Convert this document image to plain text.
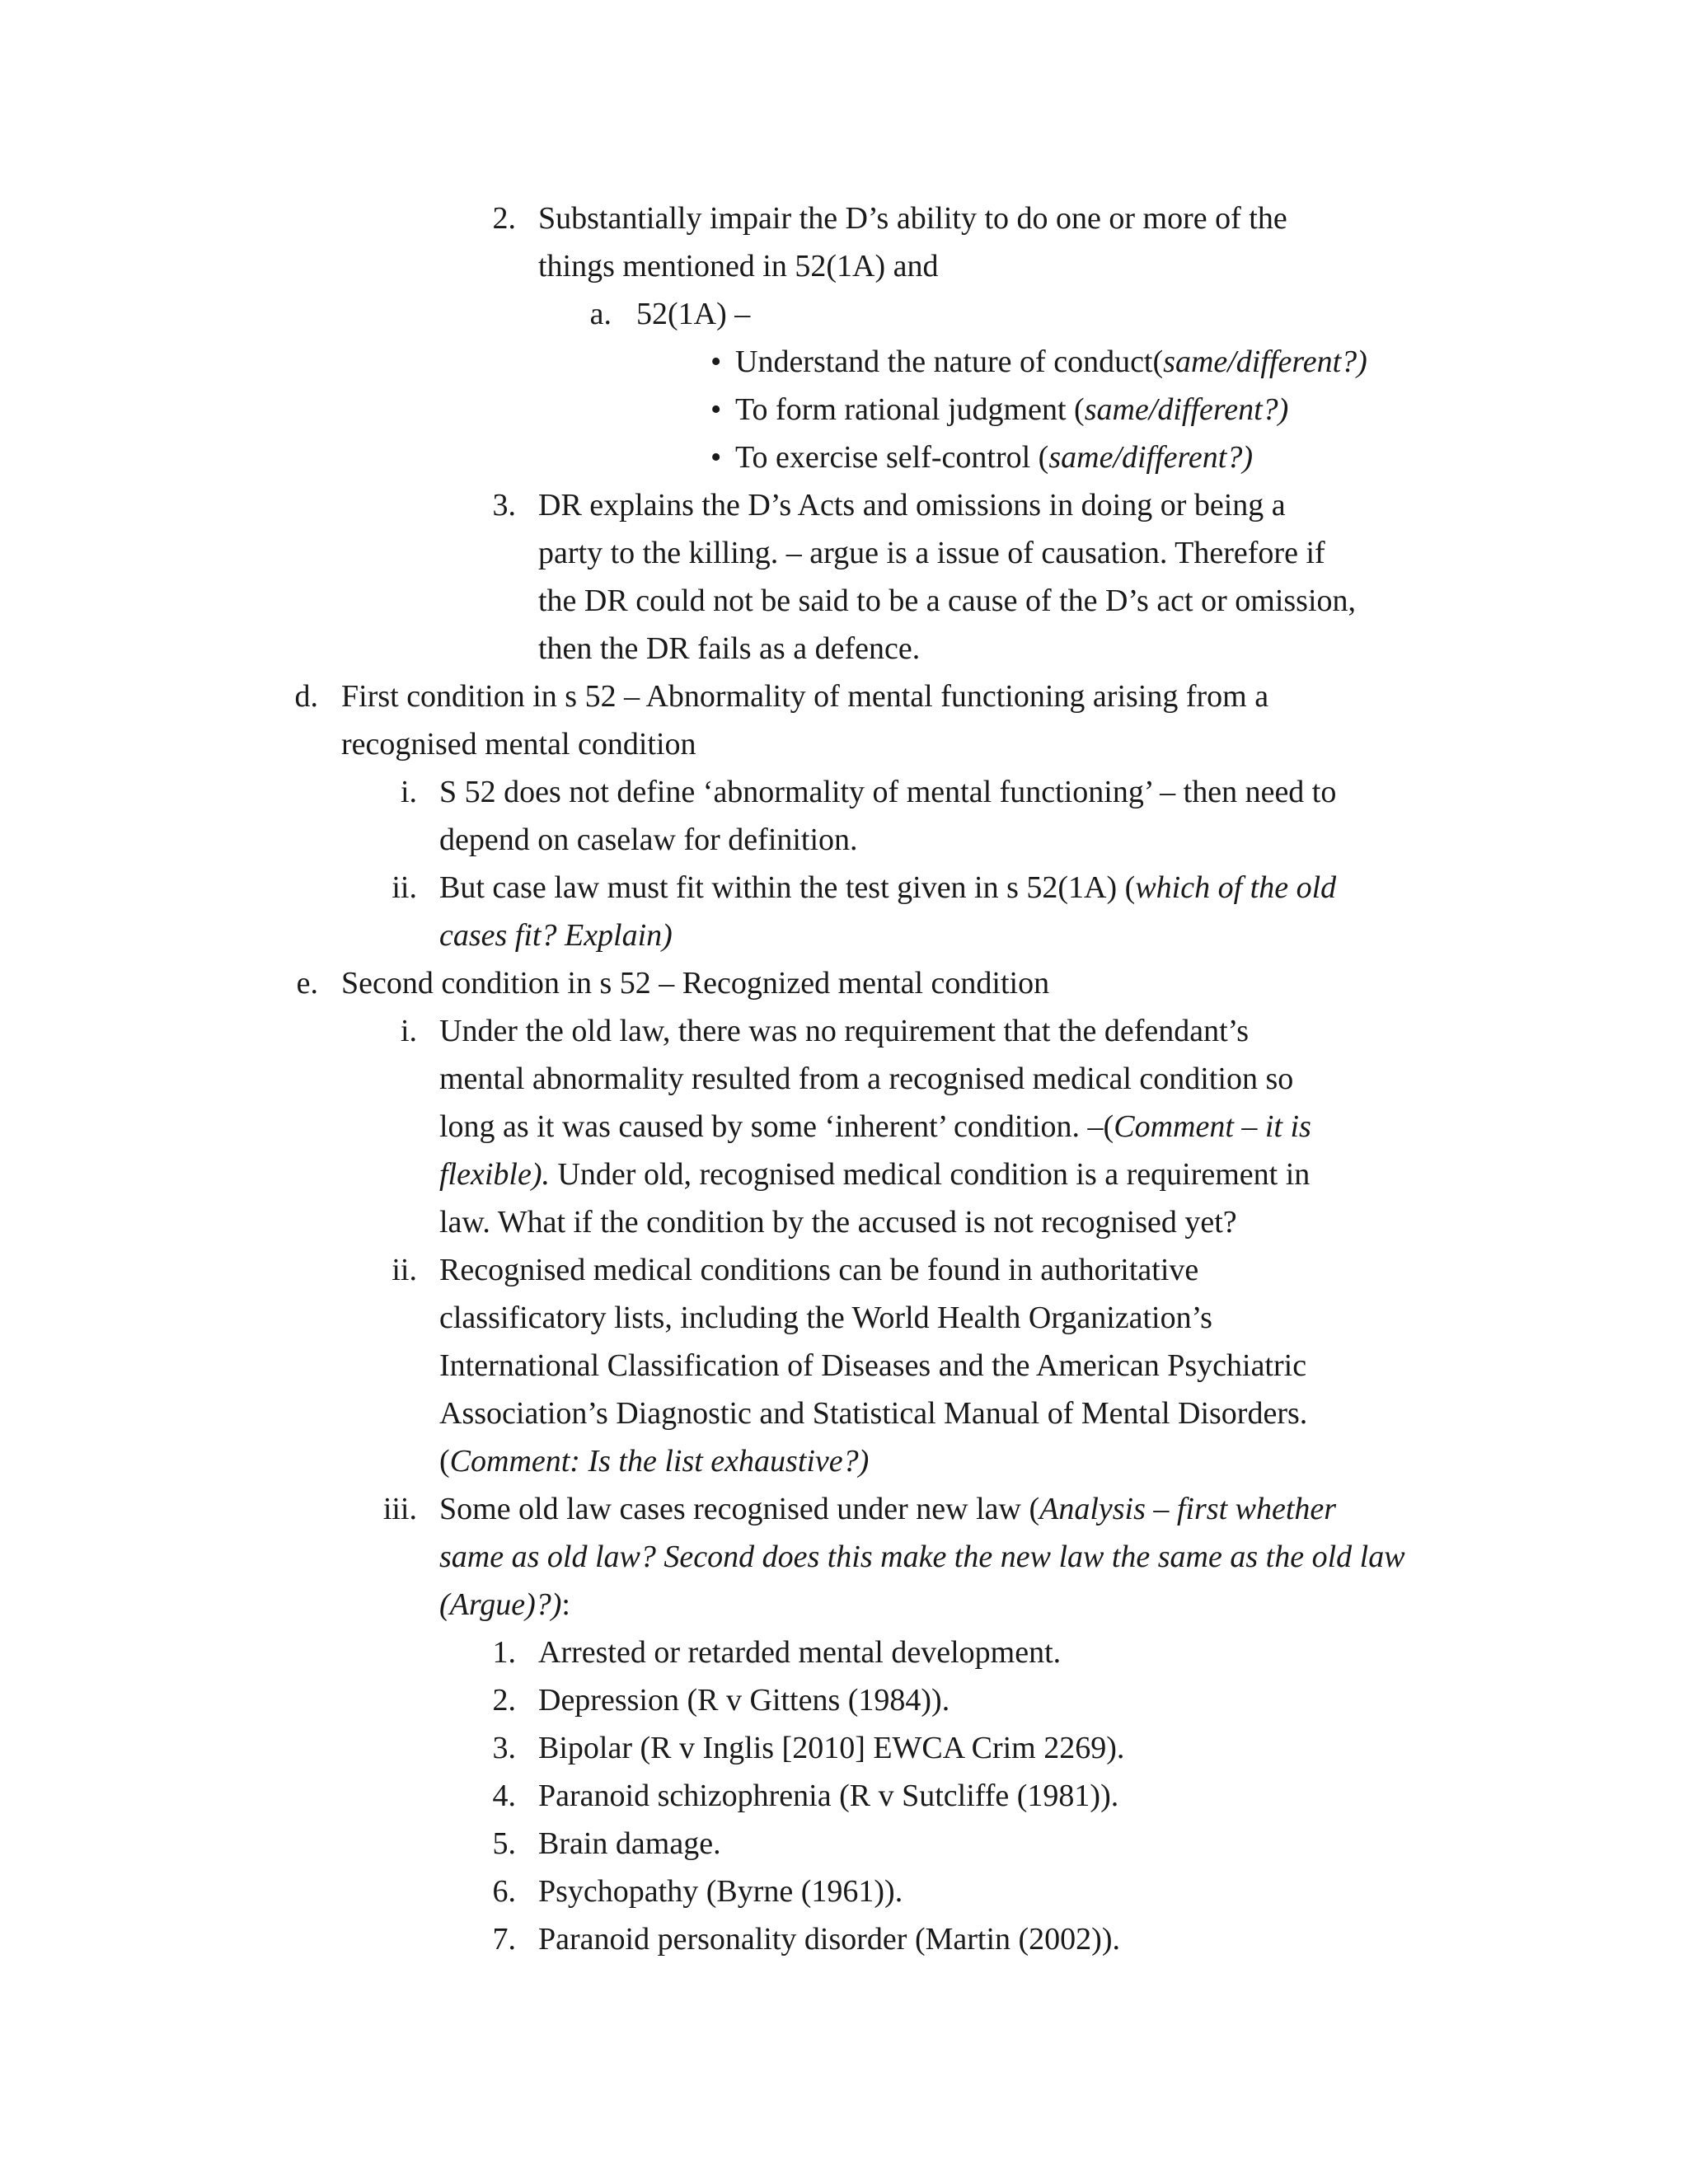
2. Substantially impair the D’s ability to do one or more of the
things mentioned in 52(1A) and
a. 52(1A) –
• Understand the nature of conduct(same/different?)
• To form rational judgment (same/different?)
• To exercise self-control (same/different?)
3. DR explains the D’s Acts and omissions in doing or being a
party to the killing. – argue is a issue of causation. Therefore if
the DR could not be said to be a cause of the D’s act or omission,
then the DR fails as a defence.
d. First condition in s 52 – Abnormality of mental functioning arising from a
recognised mental condition
i. S 52 does not define ‘abnormality of mental functioning’ – then need to
depend on caselaw for definition.
ii. But case law must fit within the test given in s 52(1A) (which of the old
cases fit? Explain)
e. Second condition in s 52 – Recognized mental condition
i. Under the old law, there was no requirement that the defendant’s
mental abnormality resulted from a recognised medical condition so
long as it was caused by some ‘inherent’ condition. –(Comment – it is
flexible). Under old, recognised medical condition is a requirement in
law. What if the condition by the accused is not recognised yet?
ii. Recognised medical conditions can be found in authoritative
classificatory lists, including the World Health Organization’s
International Classification of Diseases and the American Psychiatric
Association’s Diagnostic and Statistical Manual of Mental Disorders.
(Comment: Is the list exhaustive?)
iii. Some old law cases recognised under new law (Analysis – first whether
same as old law? Second does this make the new law the same as the old law
(Argue)?):
1. Arrested or retarded mental development.
2. Depression (R v Gittens (1984)).
3. Bipolar (R v Inglis [2010] EWCA Crim 2269).
4. Paranoid schizophrenia (R v Sutcliffe (1981)).
5. Brain damage.
6. Psychopathy (Byrne (1961)).
7. Paranoid personality disorder (Martin (2002)).
